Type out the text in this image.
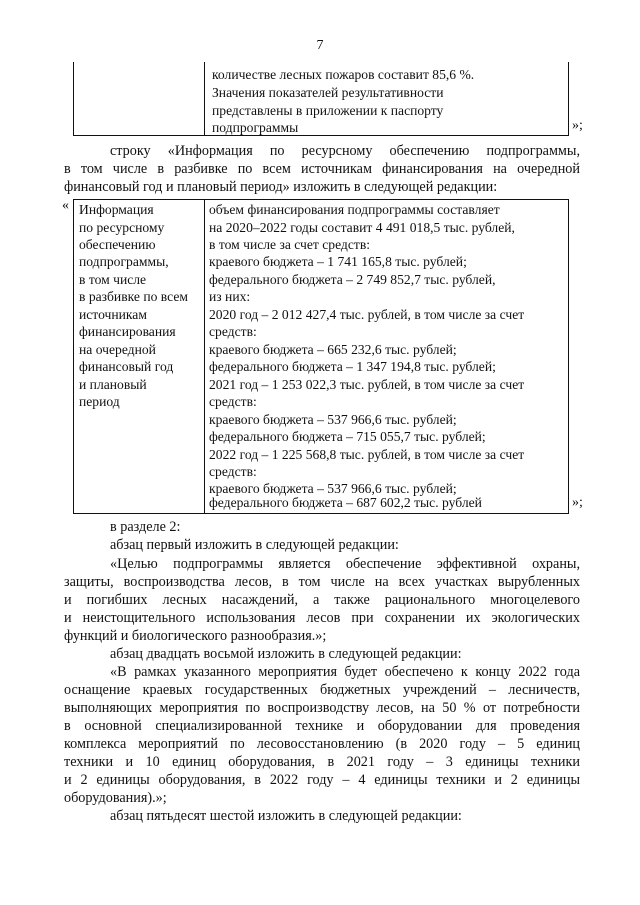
7
количестве лесных пожаров составит 85,6 %.
Значения показателей результативности
представлены в приложении к паспорту
подпрограммы	»;
строку «Информация по ресурсному обеспечению подпрограммы,
в том числе в разбивке по всем источникам финансирования на очередной
финансовый год и плановый период» изложить в следующей редакции:
« Информация
по ресурсному
обеспечению
подпрограммы,
в том числе
в разбивке по всем
источникам
финансирования
на очередной
финансовый год
и плановый
период
объем финансирования подпрограммы составляет
на 2020–2022 годы составит 4 491 018,5 тыс. рублей,
в том числе за счет средств:
краевого бюджета – 1 741 165,8 тыс. рублей;
федерального бюджета – 2 749 852,7 тыс. рублей,
из них:
2020 год – 2 012 427,4 тыс. рублей, в том числе за счет
средств:
краевого бюджета – 665 232,6 тыс. рублей;
федерального бюджета – 1 347 194,8 тыс. рублей;
2021 год – 1 253 022,3 тыс. рублей, в том числе за счет
средств:
краевого бюджета – 537 966,6 тыс. рублей;
федерального бюджета – 715 055,7 тыс. рублей;
2022 год – 1 225 568,8 тыс. рублей, в том числе за счет
средств:
краевого бюджета – 537 966,6 тыс. рублей;
федерального бюджета – 687 602,2 тыс. рублей	»;
в разделе 2:
абзац первый изложить в следующей редакции:
«Целью подпрограммы является обеспечение эффективной охраны,
защиты, воспроизводства лесов, в том числе на всех участках вырубленных
и погибших лесных насаждений, а также рационального многоцелевого
и неистощительного использования лесов при сохранении их экологических
функций и биологического разнообразия.»;
абзац двадцать восьмой изложить в следующей редакции:
«В рамках указанного мероприятия будет обеспечено к концу 2022 года
оснащение краевых государственных бюджетных учреждений – лесничеств,
выполняющих мероприятия по воспроизводству лесов, на 50 % от потребности
в основной специализированной технике и оборудовании для проведения
комплекса мероприятий по лесовосстановлению (в 2020 году – 5 единиц
техники и 10 единиц оборудования, в 2021 году – 3 единицы техники
и 2 единицы оборудования, в 2022 году – 4 единицы техники и 2 единицы
оборудования).»;
абзац пятьдесят шестой изложить в следующей редакции:
